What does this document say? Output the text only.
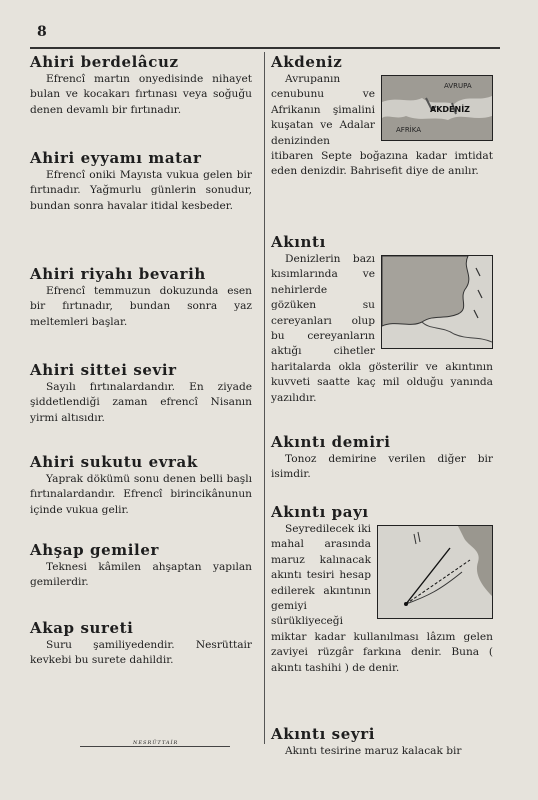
8
Ahiri berdelâcuz

Efrencî martın onyedisinde nihayet bulan ve kocakarı fırtınası veya soğuğu denen devamlı bir fırtınadır.

Ahiri eyyamı matar

Efrencî oniki Mayısta vukua gelen bir fırtınadır. Yağmurlu günlerin sonudur, bundan sonra havalar itidal kesbeder.

Ahiri riyahı bevarih

Efrencî temmuzun dokuzunda esen bir fırtınadır, bundan sonra yaz meltemleri başlar.

Ahiri sittei sevir

Sayılı fırtınalardandır. En ziyade şiddetlendiği zaman efrencî Nisanın yirmi altısıdır.

Ahiri sukutu evrak

Yaprak dökümü sonu denen belli başlı fırtınalardandır. Efrencî birincikânunun içinde vukua gelir.

Ahşap gemiler

Teknesi kâmilen ahşaptan yapılan gemilerdir.

Akap sureti

Suru şamiliyedendir. Nesrüttair kevkebi bu surete dahildir.

Akdeniz
AVRUPA
AKDENİZ
AFRİKA

Avrupanın cenubunu ve Afrikanın şimalini kuşatan ve Adalar denizinden itibaren Septe boğazına kadar imtidat eden denizdir. Bahrisefit diye de anılır.

Akıntı

Denizlerin bazı kısımlarında ve nehirlerde gözüken su cereyanları olup bu cereyanların aktığı cihetler haritalarda okla gösterilir ve akıntının kuvveti saatte kaç mil olduğu yanında yazılıdır.

Akıntı demiri

Tonoz demirine verilen diğer bir isimdir.

Akıntı payı

Seyredilecek iki mahal arasında maruz kalınacak akıntı tesiri hesap edilerek akıntının gemiyi sürükliyeceği miktar kadar kullanılması lâzım gelen zaviyei rüzgâr farkına denir. Buna ( akıntı tashihi ) de denir.

Akıntı seyri

Akıntı tesirine maruz kalacak bir

NESRÜTTAİR
